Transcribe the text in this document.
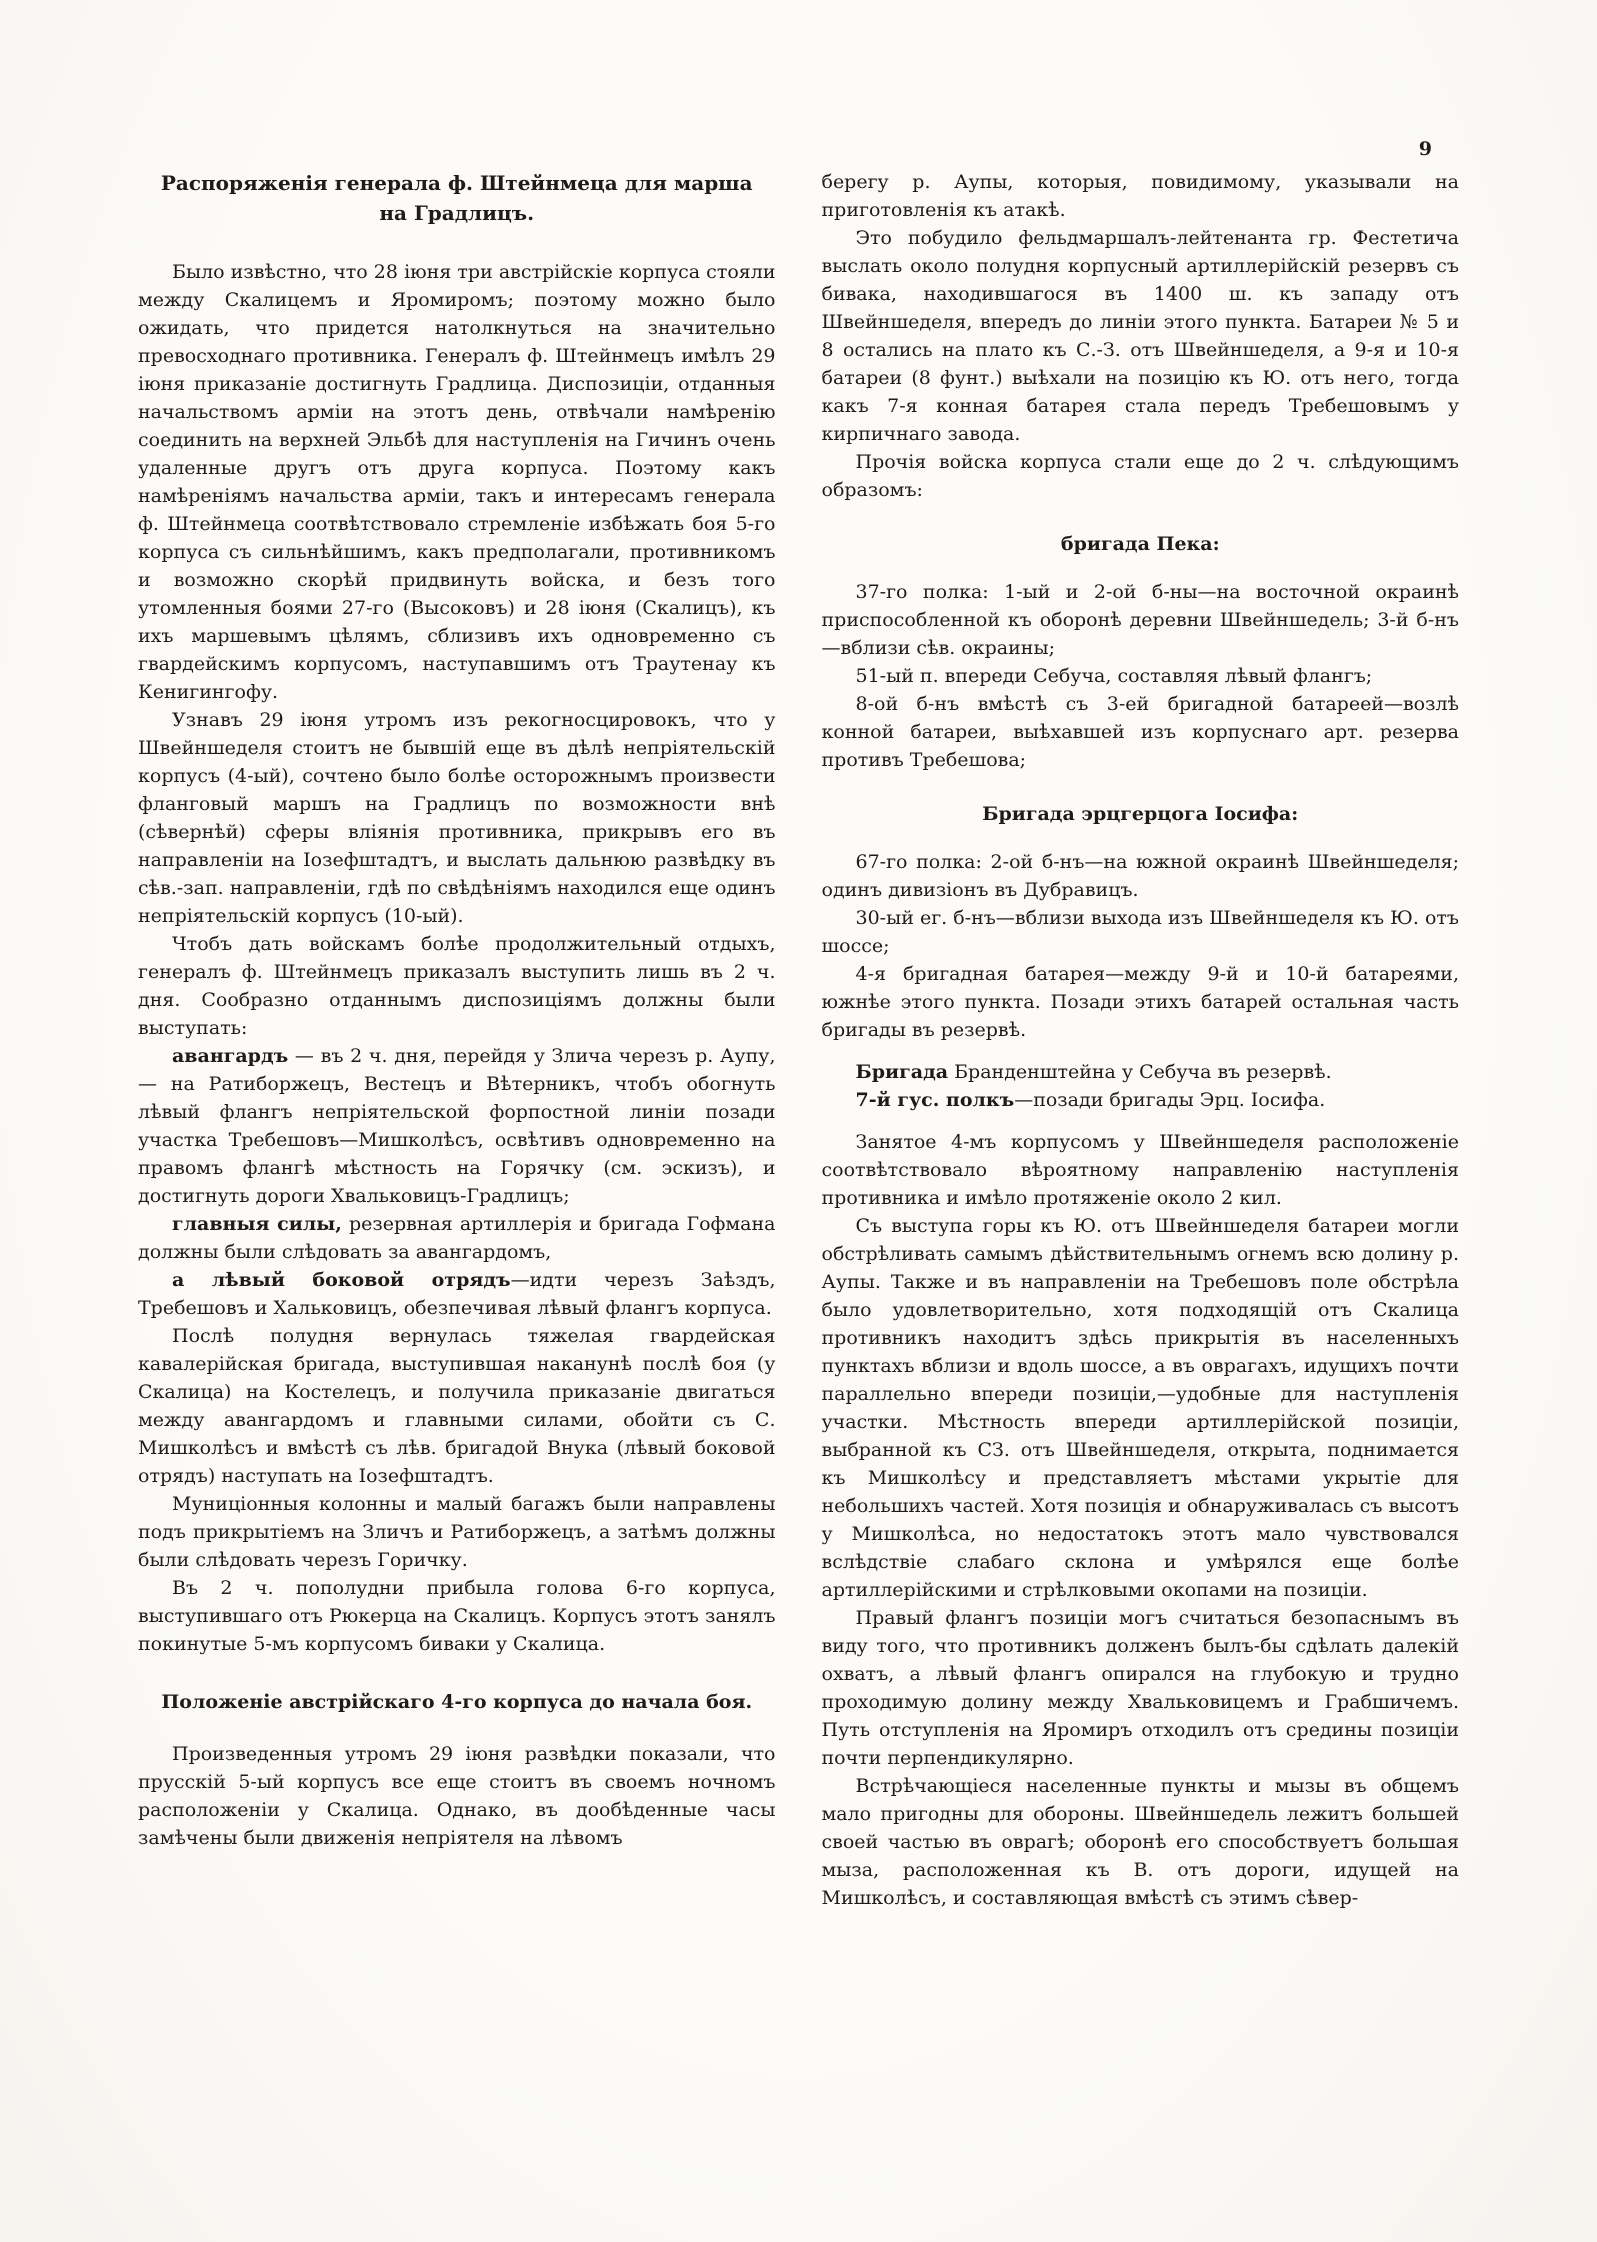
9
Распоряженія генерала ф. Штейнмеца для марша на Градлицъ.

Было извѣстно, что 28 іюня три австрійскіе корпуса стояли между Скалицемъ и Яромиромъ; поэтому можно было ожидать, что придется натолкнуться на значительно превосходнаго противника. Генералъ ф. Штейнмецъ имѣлъ 29 іюня приказаніе достигнуть Градлица. Диспозиціи, отданныя начальствомъ арміи на этотъ день, отвѣчали намѣренію соединить на верхней Эльбѣ для наступленія на Гичинъ очень удаленные другъ отъ друга корпуса. Поэтому какъ намѣреніямъ начальства арміи, такъ и интересамъ генерала ф. Штейнмеца соотвѣтствовало стремленіе избѣжать боя 5-го корпуса съ сильнѣйшимъ, какъ предполагали, противникомъ и возможно скорѣй придвинуть войска, и безъ того утомленныя боями 27-го (Высоковъ) и 28 іюня (Скалицъ), къ ихъ маршевымъ цѣлямъ, сблизивъ ихъ одновременно съ гвардейскимъ корпусомъ, наступавшимъ отъ Траутенау къ Кенигингофу.

Узнавъ 29 іюня утромъ изъ рекогносцировокъ, что у Швейншеделя стоитъ не бывшій еще въ дѣлѣ непріятельскій корпусъ (4-ый), сочтено было болѣе осторожнымъ произвести фланговый маршъ на Градлицъ по возможности внѣ (сѣвернѣй) сферы вліянія противника, прикрывъ его въ направленіи на Іозефштадтъ, и выслать дальнюю развѣдку въ сѣв.-зап. направленіи, гдѣ по свѣдѣніямъ находился еще одинъ непріятельскій корпусъ (10-ый).

Чтобъ дать войскамъ болѣе продолжительный отдыхъ, генералъ ф. Штейнмецъ приказалъ выступить лишь въ 2 ч. дня. Сообразно отданнымъ диспозиціямъ должны были выступать:

авангардъ — въ 2 ч. дня, перейдя у Злича черезъ р. Аупу, — на Ратиборжецъ, Вестецъ и Вѣтерникъ, чтобъ обогнуть лѣвый флангъ непріятельской форпостной линіи позади участка Требешовъ—Мишколѣсъ, освѣтивъ одновременно на правомъ флангѣ мѣстность на Горячку (см. эскизъ), и достигнуть дороги Хвальковицъ-Градлицъ;

главныя силы, резервная артиллерія и бригада Гофмана должны были слѣдовать за авангардомъ,

а лѣвый боковой отрядъ—идти черезъ Заѣздъ, Требешовъ и Хальковицъ, обезпечивая лѣвый флангъ корпуса.

Послѣ полудня вернулась тяжелая гвардейская кавалерійская бригада, выступившая наканунѣ послѣ боя (у Скалица) на Костелецъ, и получила приказаніе двигаться между авангардомъ и главными силами, обойти съ С. Мишколѣсъ и вмѣстѣ съ лѣв. бригадой Внука (лѣвый боковой отрядъ) наступать на Іозефштадтъ.

Муниціонныя колонны и малый багажъ были направлены подъ прикрытіемъ на Зличъ и Ратиборжецъ, а затѣмъ должны были слѣдовать черезъ Горичку.

Въ 2 ч. пополудни прибыла голова 6-го корпуса, выступившаго отъ Рюкерца на Скалицъ. Корпусъ этотъ занялъ покинутые 5-мъ корпусомъ биваки у Скалица.

Положеніе австрійскаго 4-го корпуса до начала боя.

Произведенныя утромъ 29 іюня развѣдки показали, что прусскій 5-ый корпусъ все еще стоитъ въ своемъ ночномъ расположеніи у Скалица. Однако, въ дообѣденные часы замѣчены были движенія непріятеля на лѣвомъ

берегу р. Аупы, которыя, повидимому, указывали на приготовленія къ атакѣ.

Это побудило фельдмаршалъ-лейтенанта гр. Фестетича выслать около полудня корпусный артиллерійскій резервъ съ бивака, находившагося въ 1400 ш. къ западу отъ Швейншеделя, впередъ до линіи этого пункта. Батареи № 5 и 8 остались на плато къ С.-З. отъ Швейншеделя, а 9-я и 10-я батареи (8 фунт.) выѣхали на позицію къ Ю. отъ него, тогда какъ 7-я конная батарея стала передъ Требешовымъ у кирпичнаго завода.

Прочія войска корпуса стали еще до 2 ч. слѣдующимъ образомъ:

бригада Пека:

37-го полка: 1-ый и 2-ой б-ны—на восточной окраинѣ приспособленной къ оборонѣ деревни Швейншедель; 3-й б-нъ—вблизи сѣв. окраины;

51-ый п. впереди Себуча, составляя лѣвый флангъ;

8-ой б-нъ вмѣстѣ съ 3-ей бригадной батареей—возлѣ конной батареи, выѣхавшей изъ корпуснаго арт. резерва противъ Требешова;

Бригада эрцгерцога Іосифа:

67-го полка: 2-ой б-нъ—на южной окраинѣ Швейншеделя; одинъ дивизіонъ въ Дубравицъ.

30-ый ег. б-нъ—вблизи выхода изъ Швейншеделя къ Ю. отъ шоссе;

4-я бригадная батарея—между 9-й и 10-й батареями, южнѣе этого пункта. Позади этихъ батарей остальная часть бригады въ резервѣ.

Бригада Бранденштейна у Себуча въ резервѣ.

7-й гус. полкъ—позади бригады Эрц. Іосифа.

Занятое 4-мъ корпусомъ у Швейншеделя расположеніе соотвѣтствовало вѣроятному направленію наступленія противника и имѣло протяженіе около 2 кил.

Съ выступа горы къ Ю. отъ Швейншеделя батареи могли обстрѣливать самымъ дѣйствительнымъ огнемъ всю долину р. Аупы. Также и въ направленіи на Требешовъ поле обстрѣла было удовлетворительно, хотя подходящій отъ Скалица противникъ находитъ здѣсь прикрытія въ населенныхъ пунктахъ вблизи и вдоль шоссе, а въ оврагахъ, идущихъ почти параллельно впереди позиціи,—удобные для наступленія участки. Мѣстность впереди артиллерійской позиціи, выбранной къ СЗ. отъ Швейншеделя, открыта, поднимается къ Мишколѣсу и представляетъ мѣстами укрытіе для небольшихъ частей. Хотя позиція и обнаруживалась съ высотъ у Мишколѣса, но недостатокъ этотъ мало чувствовался вслѣдствіе слабаго склона и умѣрялся еще болѣе артиллерійскими и стрѣлковыми окопами на позиціи.

Правый флангъ позиціи могъ считаться безопаснымъ въ виду того, что противникъ долженъ былъ-бы сдѣлать далекій охватъ, а лѣвый флангъ опирался на глубокую и трудно проходимую долину между Хвальковицемъ и Грабшичемъ. Путь отступленія на Яромиръ отходилъ отъ средины позиціи почти перпендикулярно.

Встрѣчающіеся населенные пункты и мызы въ общемъ мало пригодны для обороны. Швейншедель лежитъ большей своей частью въ оврагѣ; оборонѣ его способствуетъ большая мыза, расположенная къ В. отъ дороги, идущей на Мишколѣсъ, и составляющая вмѣстѣ съ этимъ сѣвер-
